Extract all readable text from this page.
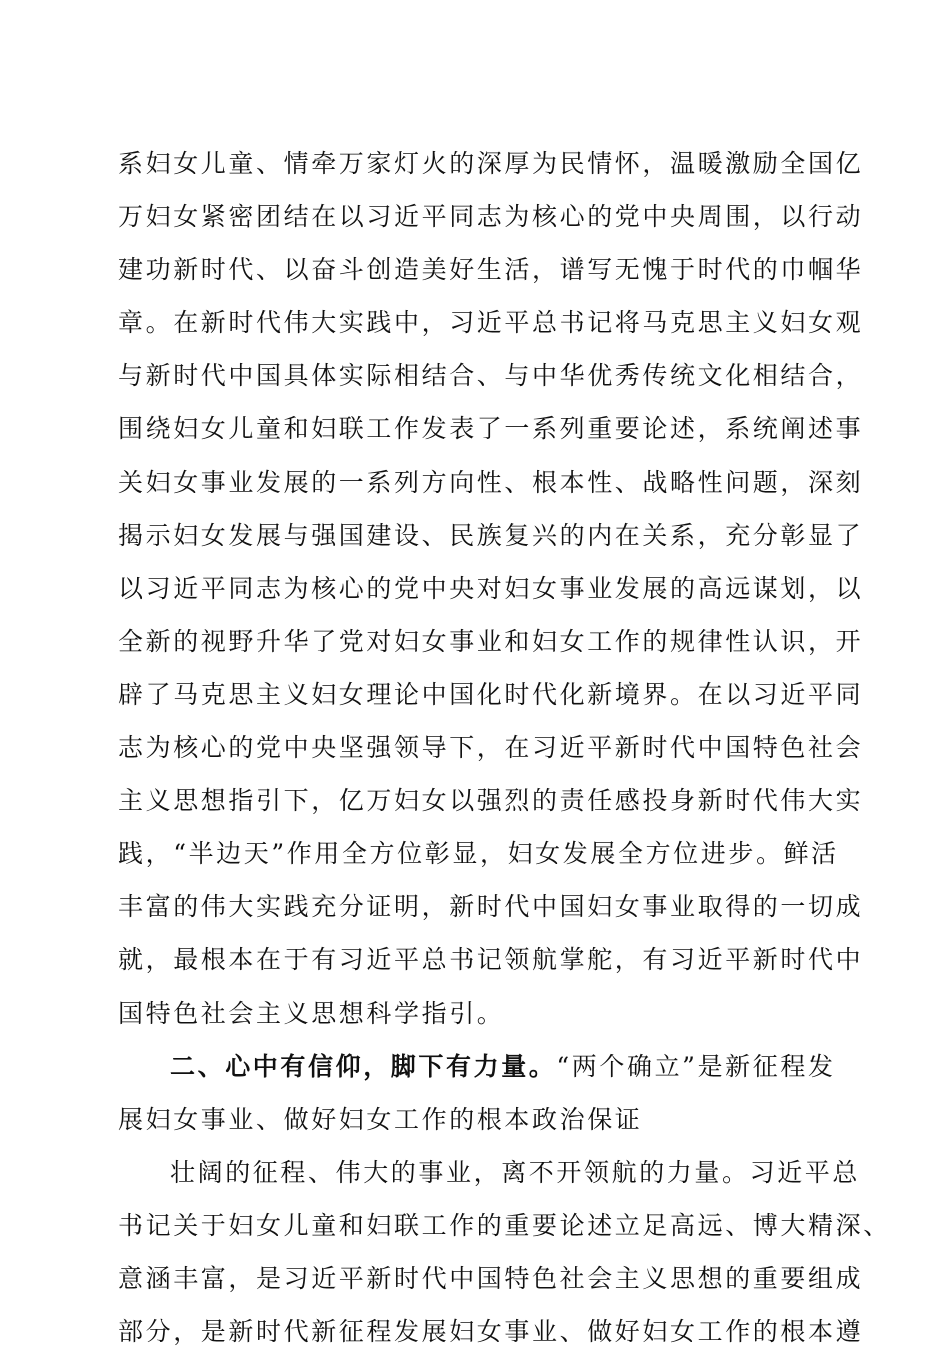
系妇女儿童、情牵万家灯火的深厚为民情怀，温暖激励全国亿
万妇女紧密团结在以习近平同志为核心的党中央周围，以行动
建功新时代、以奋斗创造美好生活，谱写无愧于时代的巾帼华
章。在新时代伟大实践中，习近平总书记将马克思主义妇女观
与新时代中国具体实际相结合、与中华优秀传统文化相结合，
围绕妇女儿童和妇联工作发表了一系列重要论述，系统阐述事
关妇女事业发展的一系列方向性、根本性、战略性问题，深刻
揭示妇女发展与强国建设、民族复兴的内在关系，充分彰显了
以习近平同志为核心的党中央对妇女事业发展的高远谋划，以
全新的视野升华了党对妇女事业和妇女工作的规律性认识，开
辟了马克思主义妇女理论中国化时代化新境界。在以习近平同
志为核心的党中央坚强领导下，在习近平新时代中国特色社会
主义思想指引下，亿万妇女以强烈的责任感投身新时代伟大实
践，“半边天”作用全方位彰显，妇女发展全方位进步。鲜活
丰富的伟大实践充分证明，新时代中国妇女事业取得的一切成
就，最根本在于有习近平总书记领航掌舵，有习近平新时代中
国特色社会主义思想科学指引。
二、心中有信仰，脚下有力量。“两个确立”是新征程发
展妇女事业、做好妇女工作的根本政治保证
壮阔的征程、伟大的事业，离不开领航的力量。习近平总
书记关于妇女儿童和妇联工作的重要论述立足高远、博大精深、
意涵丰富，是习近平新时代中国特色社会主义思想的重要组成
部分，是新时代新征程发展妇女事业、做好妇女工作的根本遵
